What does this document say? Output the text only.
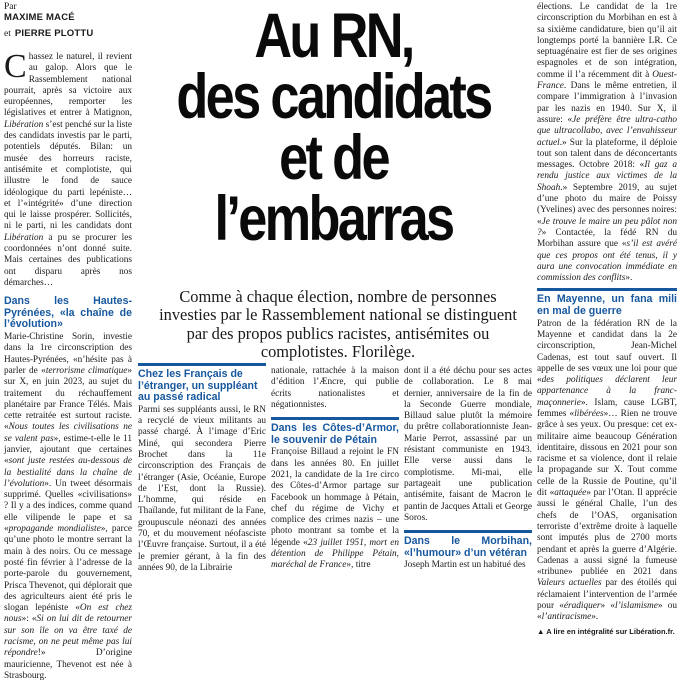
Par
MAXIME MACÉ
et PIERRE PLOTTU

Chassez le naturel, il revient au galop. Alors que le Rassemblement national pourrait, après sa victoire aux européennes, remporter les législatives et entrer à Matignon, Libération s’est penché sur la liste des candidats investis par le parti, potentiels députés. Bilan: un musée des horreurs raciste, antisémite et complotiste, qui illustre le fond de sauce idéologique du parti lepéniste… et l’«intégrité» d’une direction qui le laisse prospérer. Sollicités, ni le parti, ni les candidats dont Libération a pu se procurer les coordonnées n’ont donné suite. Mais certaines des publications ont disparu après nos démarches…

Dans les Hautes-Pyrénées, «la chaîne de l’évolution»

Marie-Christine Sorin, investie dans la 1re circonscription des Hautes-Pyrénées, «n’hésite pas à parler de «terrorisme climatique» sur X, en juin 2023, au sujet du traitement du réchauffement planétaire par France Télés. Mais cette retraitée est surtout raciste. «Nous toutes les civilisations ne se valent pas», estime-t-elle le 11 janvier, ajoutant que certaines «sont juste restées au-dessous de la bestialité dans la chaîne de l’évolution». Un tweet désormais supprimé. Quelles «civilisations» ? Il y a des indices, comme quand elle vilipende le pape et sa «propagande mondialiste», parce qu’une photo le montre serrant la main à des noirs. Ou ce message posté fin février à l’adresse de la porte-parole du gouvernement, Prisca Thevenot, qui déplorait que des agriculteurs aient été pris le slogan lepéniste «On est chez nous»: «Si on lui dit de retourner sur son île on va être taxé de racisme, on ne peut même pas lui répondre!» D’origine mauricienne, Thevenot est née à Strasbourg.

Au RN,
des candidats
et de l’embarras
Comme à chaque élection, nombre de personnes investies par le Rassemblement national se distinguent par des propos publics racistes, antisémites ou complotistes. Florilège.
Chez les Français de l’étranger, un suppléant au passé radical

Parmi ses suppléants aussi, le RN a recyclé de vieux militants au passé chargé. À l’image d’Eric Miné, qui secondera Pierre Brochet dans la 11e circonscription des Français de l’étranger (Asie, Océanie, Europe de l’Est, dont la Russie). L’homme, qui réside en Thaïlande, fut militant de la Fane, groupuscule néonazi des années 70, et du mouvement néofasciste l’Œuvre française. Surtout, il a été le premier gérant, à la fin des années 90, de la Librairie

nationale, rattachée à la maison d’édition l’Æncre, qui publie écrits nationalistes et négationnistes.

Dans les Côtes-d’Armor, le souvenir de Pétain

Françoise Billaud a rejoint le FN dans les années 80. En juillet 2021, la candidate de la 1re circo des Côtes-d’Armor partage sur Facebook un hommage à Pétain, chef du régime de Vichy et complice des crimes nazis – une photo montrant sa tombe et la légende «23 juillet 1951, mort en détention de Philippe Pétain, maréchal de France», titre

dont il a été déchu pour ses actes de collaboration. Le 8 mai dernier, anniversaire de la fin de la Seconde Guerre mondiale, Billaud salue plutôt la mémoire du prêtre collaborationniste Jean-Marie Perrot, assassiné par un résistant communiste en 1943. Elle verse aussi dans le complotisme. Mi-mai, elle partageait une publication antisémite, faisant de Macron le pantin de Jacques Attali et George Soros.

Dans le Morbihan, «l’humour» d’un vétéran

Joseph Martin est un habitué des

élections. Le candidat de la 1re circonscription du Morbihan en est à sa sixième candidature, bien qu’il ait longtemps porté la bannière LR. Ce septuagénaire est fier de ses origines espagnoles et de son intégration, comme il l’a récemment dit à Ouest-France. Dans le même entretien, il compare l’immigration à l’invasion par les nazis en 1940. Sur X, il assure: «Je préfère être ultra-catho que ultracollabo, avec l’envahisseur actuel.» Sur la plateforme, il déploie tout son talent dans de déconcertants messages. Octobre 2018: «Il gaz a rendu justice aux victimes de la Shoah.» Septembre 2019, au sujet d’une photo du maire de Poissy (Yvelines) avec des personnes noires: «Je trouve le maire un peu pâlot non ?» Contactée, la fédé RN du Morbihan assure que «s’il est avéré que ces propos ont été tenus, il y aura une convocation immédiate en commission des conflits».

En Mayenne, un fana mili en mal de guerre

Patron de la fédération RN de la Mayenne et candidat dans la 2e circonscription, Jean-Michel Cadenas, est tout sauf ouvert. Il appelle de ses vœux une loi pour que «des politiques déclarent leur appartenance à la franc-maçonnerie». Islam, cause LGBT, femmes «libérées»… Rien ne trouve grâce à ses yeux. Ou presque: cet ex-militaire aime beaucoup Génération identitaire, dissous en 2021 pour son racisme et sa violence, dont il relaie la propagande sur X. Tout comme celle de la Russie de Poutine, qu’il dit «attaquée» par l’Otan. Il apprécie aussi le général Challe, l’un des chefs de l’OAS, organisation terroriste d’extrême droite à laquelle sont imputés plus de 2700 morts pendant et après la guerre d’Algérie. Cadenas a aussi signé la fumeuse «tribune» publiée en 2021 dans Valeurs actuelles par des étoilés qui réclamaient l’intervention de l’armée pour «éradiquer» «l’islamisme» ou «l’antiracisme».

▲ A lire en intégralité sur Libération.fr.
